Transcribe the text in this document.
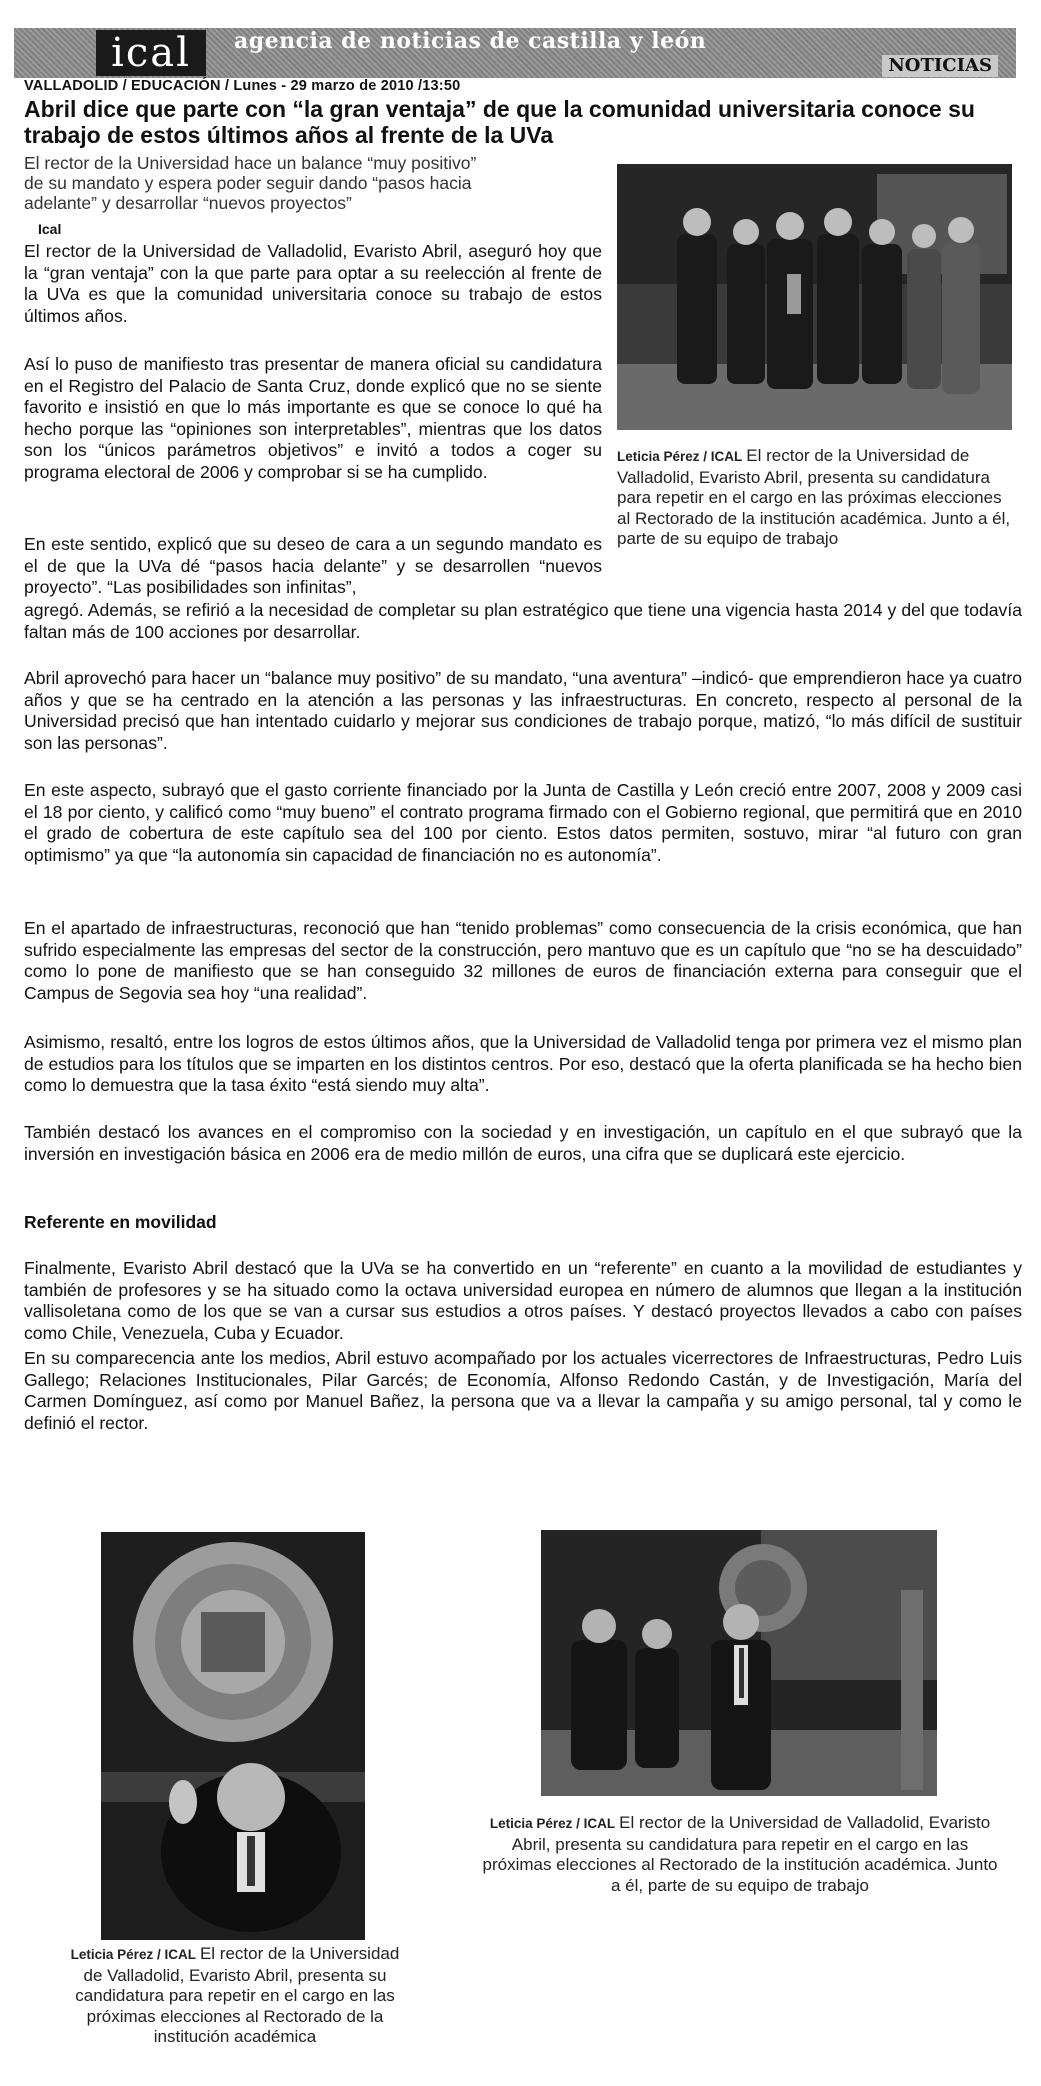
ical	agencia de noticias de castilla y león
NOTICIAS
VALLADOLID / EDUCACIÓN / Lunes - 29 marzo de 2010 /13:50
Abril dice que parte con “la gran ventaja” de que la comunidad universitaria conoce su trabajo de estos últimos años al frente de la UVa
El rector de la Universidad hace un balance “muy positivo”
de su mandato y espera poder seguir dando “pasos hacia
adelante” y desarrollar “nuevos proyectos”
Ical

El rector de la Universidad de Valladolid, Evaristo Abril, aseguró hoy que la “gran ventaja” con la que parte para optar a su reelección al frente de la UVa es que la comunidad universitaria conoce su trabajo de estos últimos años.

Así lo puso de manifiesto tras presentar de manera oficial su candidatura en el Registro del Palacio de Santa Cruz, donde explicó que no se siente favorito e insistió en que lo más importante es que se conoce lo qué ha hecho porque las “opiniones son interpretables”, mientras que los datos son los “únicos parámetros objetivos” e invitó a todos a coger su programa electoral de 2006 y comprobar si se ha cumplido.

En este sentido, explicó que su deseo de cara a un segundo mandato es el de que la UVa dé “pasos hacia delante” y se desarrollen “nuevos proyecto”. “Las posibilidades son infinitas”,

agregó. Además, se refirió a la necesidad de completar su plan estratégico que tiene una vigencia hasta 2014 y del que todavía faltan más de 100 acciones por desarrollar.

Abril aprovechó para hacer un “balance muy positivo” de su mandato, “una aventura” –indicó- que emprendieron hace ya cuatro años y que se ha centrado en la atención a las personas y las infraestructuras. En concreto, respecto al personal de la Universidad precisó que han intentado cuidarlo y mejorar sus condiciones de trabajo porque, matizó, “lo más difícil de sustituir son las personas”.

En este aspecto, subrayó que el gasto corriente financiado por la Junta de Castilla y León creció entre 2007, 2008 y 2009 casi el 18 por ciento, y calificó como “muy bueno” el contrato programa firmado con el Gobierno regional, que permitirá que en 2010 el grado de cobertura de este capítulo sea del 100 por ciento. Estos datos permiten, sostuvo, mirar “al futuro con gran optimismo” ya que “la autonomía sin capacidad de financiación no es autonomía”.

En el apartado de infraestructuras, reconoció que han “tenido problemas” como consecuencia de la crisis económica, que han sufrido especialmente las empresas del sector de la construcción, pero mantuvo que es un capítulo que “no se ha descuidado” como lo pone de manifiesto que se han conseguido 32 millones de euros de financiación externa para conseguir que el Campus de Segovia sea hoy “una realidad”.

Asimismo, resaltó, entre los logros de estos últimos años, que la Universidad de Valladolid tenga por primera vez el mismo plan de estudios para los títulos que se imparten en los distintos centros. Por eso, destacó que la oferta planificada se ha hecho bien como lo demuestra que la tasa éxito “está siendo muy alta”.

También destacó los avances en el compromiso con la sociedad y en investigación, un capítulo en el que subrayó que la inversión en investigación básica en 2006 era de medio millón de euros, una cifra que se duplicará este ejercicio.

Referente en movilidad

Finalmente, Evaristo Abril destacó que la UVa se ha convertido en un “referente” en cuanto a la movilidad de estudiantes y también de profesores y se ha situado como la octava universidad europea en número de alumnos que llegan a la institución vallisoletana como de los que se van a cursar sus estudios a otros países. Y destacó proyectos llevados a cabo con países como Chile, Venezuela, Cuba y Ecuador.

En su comparecencia ante los medios, Abril estuvo acompañado por los actuales vicerrectores de Infraestructuras, Pedro Luis Gallego; Relaciones Institucionales, Pilar Garcés; de Economía, Alfonso Redondo Castán, y de Investigación, María del Carmen Domínguez, así como por Manuel Bañez, la persona que va a llevar la campaña y su amigo personal, tal y como le definió el rector.

Leticia Pérez / ICAL El rector de la Universidad de Valladolid, Evaristo Abril, presenta su candidatura para repetir en el cargo en las próximas elecciones al Rectorado de la institución académica. Junto a él, parte de su equipo de trabajo
Leticia Pérez / ICAL El rector de la Universidad de Valladolid, Evaristo Abril, presenta su candidatura para repetir en el cargo en las próximas elecciones al Rectorado de la institución académica
Leticia Pérez / ICAL El rector de la Universidad de Valladolid, Evaristo Abril, presenta su candidatura para repetir en el cargo en las próximas elecciones al Rectorado de la institución académica. Junto a él, parte de su equipo de trabajo
